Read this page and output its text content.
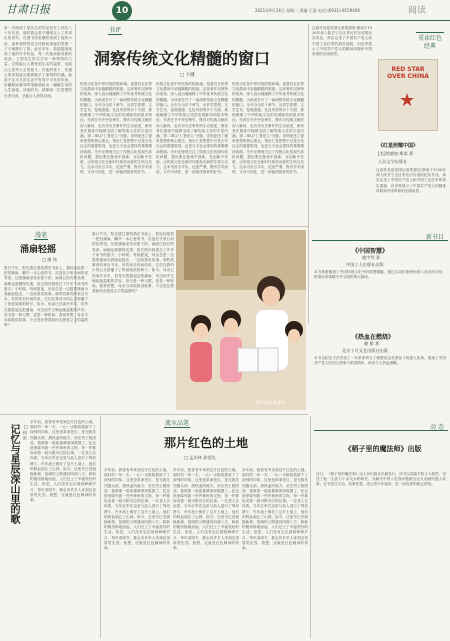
甘肃日报	10	2021年9月14日 星期二 责编:王磊 电话:(0931)-8159406	阅读
第一次阅读王蒙先生的作品是在上世纪八十年代初，那时我还是个刚刚走上工作岗位的青年，在图书馆里偶然读到了他的小说，那种独特的语言风格和深邃的思想一下子就吸引了我。此后多年，我陆陆续续读了他的许多作品，每一次阅读都有新的收获。王蒙先生的文字有一种特别的力量，它既能让人感受到生活的温度，也能让人思考人生的意义。在他的笔下，普通人的喜怒哀乐都被赋予了深刻的内涵。他善于从平凡的生活中发现不平凡的东西，用幽默而睿智的笔触描绘出一幅幅生动的人生画卷。读他的书，就像和一位智慧的长者交谈，总能让人获得启迪。
书评
洞察传统文化精髓的窗口
□ 卜键
传统文化是中华民族的根和魂，是我们在世界文化激荡中站稳脚跟的根基。这部著作以独特的视角，深入浅出地阐释了中华优秀传统文化的精髓，为读者打开了一扇洞察传统文化精髓的窗口。全书分为若干章节，从哲学思想、文学艺术、伦理道德、礼仪风俗等多个方面，系统梳理了中华传统文化的发展脉络和基本特征。作者在书中旁征博引，既有对经典文献的深入解读，也有对历史事件的生动叙述，使读者在阅读中能够全面了解传统文化的丰富内涵。第二章以"仁者爱人"为题，详细论述了儒家思想的核心理念，指出仁爱思想不仅是古代社会的道德准则，也是当今社会建设的重要精神资源。书中还特别关注了传统文化的现代转化问题，提出要在继承中创新、在创新中发展，让传统文化在新时代焕发出新的生机与活力。这本书语言平实，论述严谨，既有学术深度，又有可读性，是一部值得推荐的好书。
传统文化是中华民族的根和魂，是我们在世界文化激荡中站稳脚跟的根基。这部著作以独特的视角，深入浅出地阐释了中华优秀传统文化的精髓，为读者打开了一扇洞察传统文化精髓的窗口。全书分为若干章节，从哲学思想、文学艺术、伦理道德、礼仪风俗等多个方面，系统梳理了中华传统文化的发展脉络和基本特征。作者在书中旁征博引，既有对经典文献的深入解读，也有对历史事件的生动叙述，使读者在阅读中能够全面了解传统文化的丰富内涵。第二章以"仁者爱人"为题，详细论述了儒家思想的核心理念，指出仁爱思想不仅是古代社会的道德准则，也是当今社会建设的重要精神资源。书中还特别关注了传统文化的现代转化问题，提出要在继承中创新、在创新中发展，让传统文化在新时代焕发出新的生机与活力。这本书语言平实，论述严谨，既有学术深度，又有可读性，是一部值得推荐的好书。
传统文化是中华民族的根和魂，是我们在世界文化激荡中站稳脚跟的根基。这部著作以独特的视角，深入浅出地阐释了中华优秀传统文化的精髓，为读者打开了一扇洞察传统文化精髓的窗口。全书分为若干章节，从哲学思想、文学艺术、伦理道德、礼仪风俗等多个方面，系统梳理了中华传统文化的发展脉络和基本特征。作者在书中旁征博引，既有对经典文献的深入解读，也有对历史事件的生动叙述，使读者在阅读中能够全面了解传统文化的丰富内涵。第二章以"仁者爱人"为题，详细论述了儒家思想的核心理念，指出仁爱思想不仅是古代社会的道德准则，也是当今社会建设的重要精神资源。书中还特别关注了传统文化的现代转化问题，提出要在继承中创新、在创新中发展，让传统文化在新时代焕发出新的生机与活力。这本书语言平实，论述严谨，既有学术深度，又有可读性，是一部值得推荐的好书。
这部作品是美国记者埃德加·斯诺于1936年深入陕甘宁边区采访后写成的纪实作品，真实记录了中国共产党人和中国工农红军的真实面貌，向世界展示了中国共产党人的精神风貌和中国革命的光明前景。
重读红色经典
RED STAR OVER CHINA
★
《红星照耀中国》
[美]埃德加·斯诺 著
人民文学出版社
这部作品是美国记者埃德加·斯诺于1936年深入陕甘宁边区采访后写成的纪实作品，真实记录了中国共产党人和中国工农红军的真实面貌，向世界展示了中国共产党人的精神风貌和中国革命的光明前景。
新书目
《中国智慧》
楼宇烈 著
中国工人出版社出版
本书系统阐述了中国传统文化中的智慧精髓，通过生动的案例和深入浅出的分析，带领读者领略中华文明的博大精深。
《热血在燃烧》
赖 紫 著
北京十月文艺出版社出版
本书以纪实手法讲述了一代革命者为了理想信念英勇奋斗的感人故事，展现了中国共产党人的初心使命与家国情怀，读来令人热血沸腾。
漫笔
涌扇轻摇
□ 潘 炜
夏日午后，阳光透过窗棂洒在书桌上，我轻轻摇着一把旧蒲扇，翻开一本心爱的书，沉浸在字里行间的世界里。这把蒲扇是母亲留下的，扇面已经有些发黄，扇柄也被磨得光滑，但它陪伴我度过了许多个读书的夏天。小时候，每到夏夜，母亲总是一边摇着蒲扇为我驱赶蚊虫，一边给我讲故事。那些故事有的来自书本，有的来自民间传说，它们在我幼小的心灵里播下了热爱阅读的种子。如今，母亲已经离开多年，但每当我摇起这把蒲扇，耳边似乎又响起她温柔的声音。读书是一种习惯，更是一种传承。我常常想，母亲当年给我讲故事，不正是在教我如何去感受文字的温度吗？
夏日午后，阳光透过窗棂洒在书桌上，我轻轻摇着一把旧蒲扇，翻开一本心爱的书，沉浸在字里行间的世界里。这把蒲扇是母亲留下的，扇面已经有些发黄，扇柄也被磨得光滑，但它陪伴我度过了许多个读书的夏天。小时候，每到夏夜，母亲总是一边摇着蒲扇为我驱赶蚊虫，一边给我讲故事。那些故事有的来自书本，有的来自民间传说，它们在我幼小的心灵里播下了热爱阅读的种子。如今，母亲已经离开多年，但每当我摇起这把蒲扇，耳边似乎又响起她温柔的声音。读书是一种习惯，更是一种传承。我常常想，母亲当年给我讲故事，不正是在教我如何去感受文字的温度吗？
图片来源 新华社
记忆与星辰深山里的歌 □ 何 洪
多年前，我曾有幸来到这片红色的土地，那时的一草一木、一山一水都给我留下了深刻的印象。这里是革命老区，是无数先烈抛头颅、洒热血的地方。站在烈士陵园前，我被那一座座墓碑深深震撼了。纪念馆里陈列着一件件珍贵的文物，每一件都诉说着一段可歌可泣的往事。一位老人告诉我，当年红军在这里与敌人进行了殊死搏斗，许多战士倒在了这片土地上，他们的鲜血染红了山坡。如今，这里早已旧貌换新颜，宽阔的公路通向四面八方，崭新的楼房拔地而起，人们过上了幸福美好的生活。但是，人们没有忘记那段峥嵘岁月，每年清明节，都会有许多人来到这里祭奠先烈。我想，这就是红色精神的传承。
流水品笔
那片红色的土地
□ 孟庆林 孙雯先
多年前，我曾有幸来到这片红色的土地，那时的一草一木、一山一水都给我留下了深刻的印象。这里是革命老区，是无数先烈抛头颅、洒热血的地方。站在烈士陵园前，我被那一座座墓碑深深震撼了。纪念馆里陈列着一件件珍贵的文物，每一件都诉说着一段可歌可泣的往事。一位老人告诉我，当年红军在这里与敌人进行了殊死搏斗，许多战士倒在了这片土地上，他们的鲜血染红了山坡。如今，这里早已旧貌换新颜，宽阔的公路通向四面八方，崭新的楼房拔地而起，人们过上了幸福美好的生活。但是，人们没有忘记那段峥嵘岁月，每年清明节，都会有许多人来到这里祭奠先烈。我想，这就是红色精神的传承。
多年前，我曾有幸来到这片红色的土地，那时的一草一木、一山一水都给我留下了深刻的印象。这里是革命老区，是无数先烈抛头颅、洒热血的地方。站在烈士陵园前，我被那一座座墓碑深深震撼了。纪念馆里陈列着一件件珍贵的文物，每一件都诉说着一段可歌可泣的往事。一位老人告诉我，当年红军在这里与敌人进行了殊死搏斗，许多战士倒在了这片土地上，他们的鲜血染红了山坡。如今，这里早已旧貌换新颜，宽阔的公路通向四面八方，崭新的楼房拔地而起，人们过上了幸福美好的生活。但是，人们没有忘记那段峥嵘岁月，每年清明节，都会有许多人来到这里祭奠先烈。我想，这就是红色精神的传承。
多年前，我曾有幸来到这片红色的土地，那时的一草一木、一山一水都给我留下了深刻的印象。这里是革命老区，是无数先烈抛头颅、洒热血的地方。站在烈士陵园前，我被那一座座墓碑深深震撼了。纪念馆里陈列着一件件珍贵的文物，每一件都诉说着一段可歌可泣的往事。一位老人告诉我，当年红军在这里与敌人进行了殊死搏斗，许多战士倒在了这片土地上，他们的鲜血染红了山坡。如今，这里早已旧貌换新颜，宽阔的公路通向四面八方，崭新的楼房拔地而起，人们过上了幸福美好的生活。但是，人们没有忘记那段峥嵘岁月，每年清明节，都会有许多人来到这里祭奠先烈。我想，这就是红色精神的传承。
动 态
《稻子里的魔法师》出版
近日，《稻子里的魔法师》由人民出版社出版发行。该书以袁隆平院士为原型，讲述了他一生致力于杂交水稻研究、为解决中国人吃饭问题做出巨大贡献的感人故事。全书语言生动，故事性强，适合青少年阅读，是一部优秀的励志读物。
